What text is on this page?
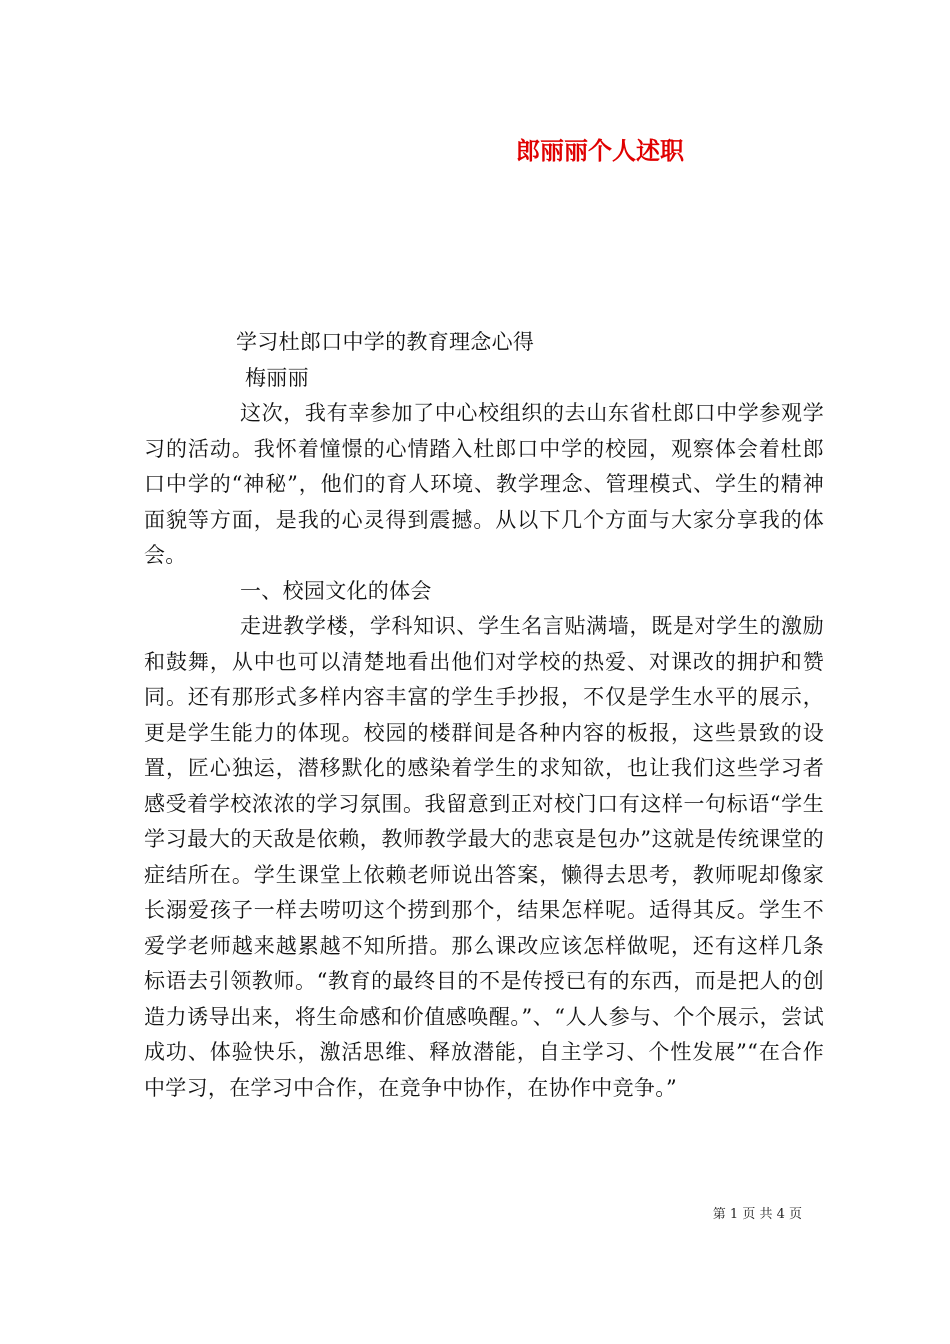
郎丽丽个人述职

学习杜郎口中学的教育理念心得

梅丽丽

这次，我有幸参加了中心校组织的去山东省杜郎口中学参观学习的活动。我怀着憧憬的心情踏入杜郎口中学的校园，观察体会着杜郎口中学的“神秘”，他们的育人环境、教学理念、管理模式、学生的精神面貌等方面，是我的心灵得到震撼。从以下几个方面与大家分享我的体会。

一、校园文化的体会

走进教学楼，学科知识、学生名言贴满墙，既是对学生的激励和鼓舞，从中也可以清楚地看出他们对学校的热爱、对课改的拥护和赞同。还有那形式多样内容丰富的学生手抄报，不仅是学生水平的展示，更是学生能力的体现。校园的楼群间是各种内容的板报，这些景致的设置，匠心独运，潜移默化的感染着学生的求知欲，也让我们这些学习者感受着学校浓浓的学习氛围。我留意到正对校门口有这样一句标语“学生学习最大的天敌是依赖，教师教学最大的悲哀是包办”这就是传统课堂的症结所在。学生课堂上依赖老师说出答案，懒得去思考，教师呢却像家长溺爱孩子一样去唠叨这个捞到那个，结果怎样呢。适得其反。学生不爱学老师越来越累越不知所措。那么课改应该怎样做呢，还有这样几条标语去引领教师。“教育的最终目的不是传授已有的东西，而是把人的创造力诱导出来，将生命感和价值感唤醒。”、“人人参与、个个展示，尝试成功、体验快乐，激活思维、释放潜能，自主学习、个性发展”“在合作中学习，在学习中合作，在竞争中协作，在协作中竞争。”

第 1 页 共 4 页
